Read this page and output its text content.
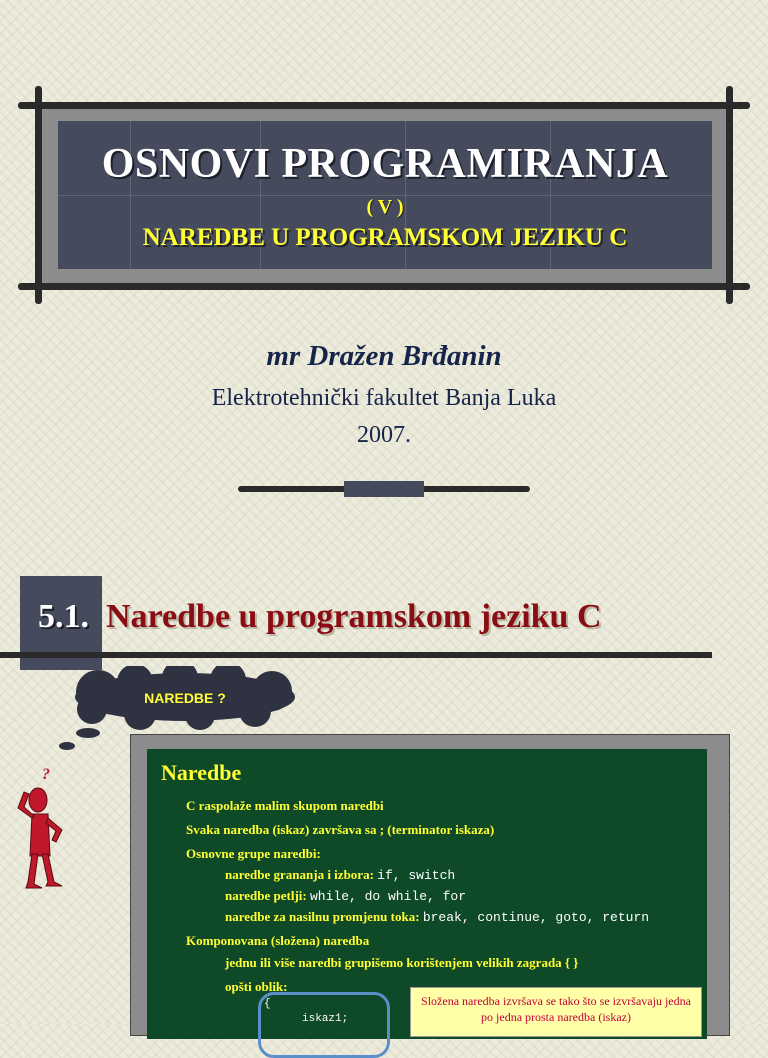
OSNOVI PROGRAMIRANJA
( V )
NAREDBE U PROGRAMSKOM JEZIKU C
mr Dražen Brđanin
Elektrotehnički fakultet Banja Luka
2007.
5.1. Naredbe u programskom jeziku C
NAREDBE ?
?	Naredbe
C raspolaže malim skupom naredbi
Svaka naredba (iskaz) završava sa ; (terminator iskaza)
Osnovne grupe naredbi:
naredbe grananja i izbora: if, switch
naredbe petlji: while, do while, for
naredbe za nasilnu promjenu toka: break, continue, goto, return
Komponovana (složena) naredba
jednu ili više naredbi grupišemo korištenjem velikih zagrada { }
opšti oblik:
{
iskaz1;
Složena naredba izvršava se tako što se izvršavaju jedna po jedna prosta naredba (iskaz)
